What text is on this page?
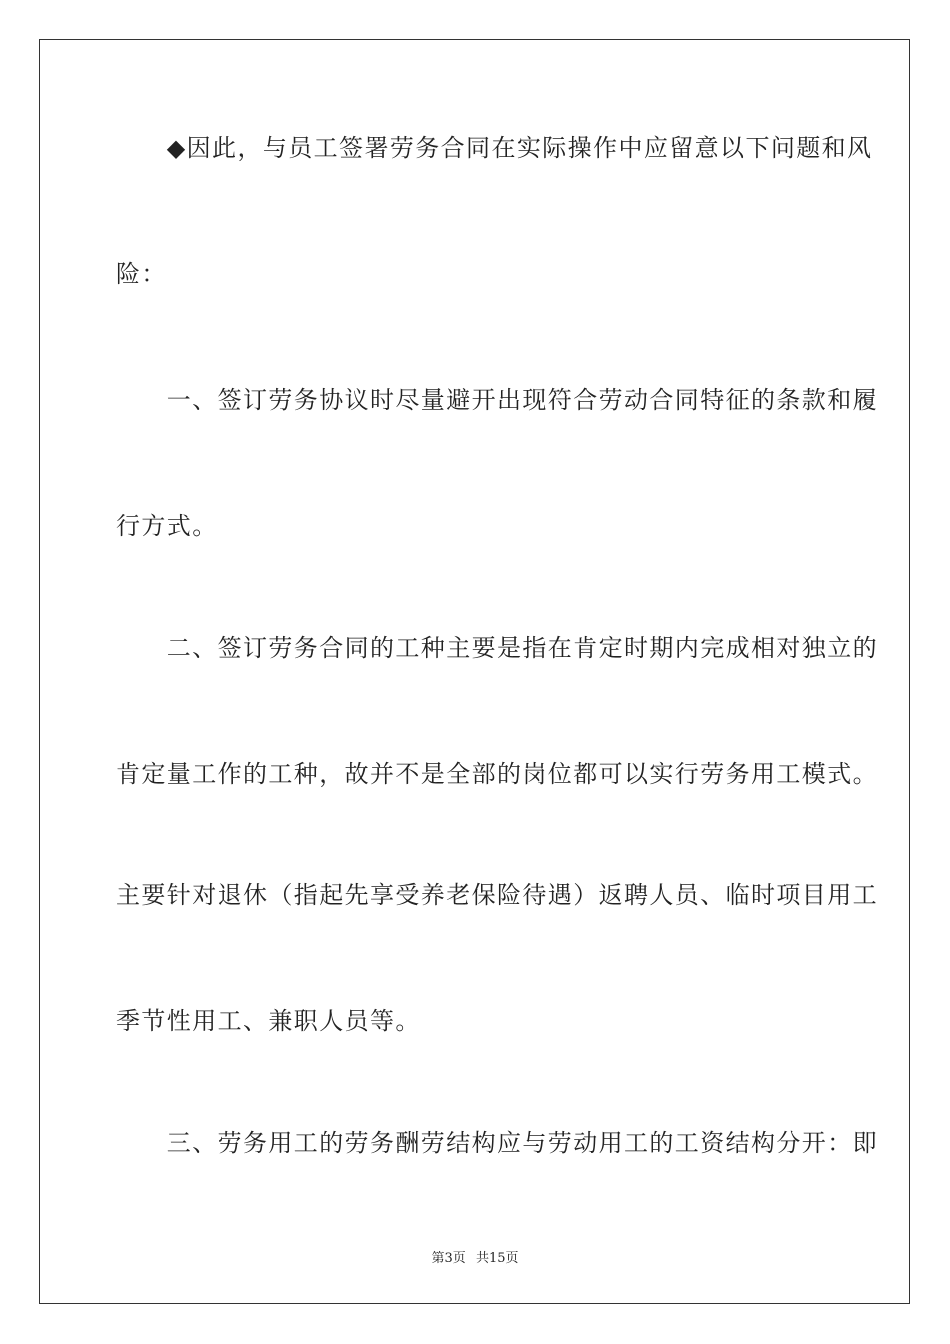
　　◆因此，与员工签署劳务合同在实际操作中应留意以下问题和风
险：
　　一、签订劳务协议时尽量避开出现符合劳动合同特征的条款和履
行方式。
　　二、签订劳务合同的工种主要是指在肯定时期内完成相对独立的
肯定量工作的工种，故并不是全部的岗位都可以实行劳务用工模式。
主要针对退休（指起先享受养老保险待遇）返聘人员、临时项目用工
季节性用工、兼职人员等。
　　三、劳务用工的劳务酬劳结构应与劳动用工的工资结构分开：即
第3页 共15页
